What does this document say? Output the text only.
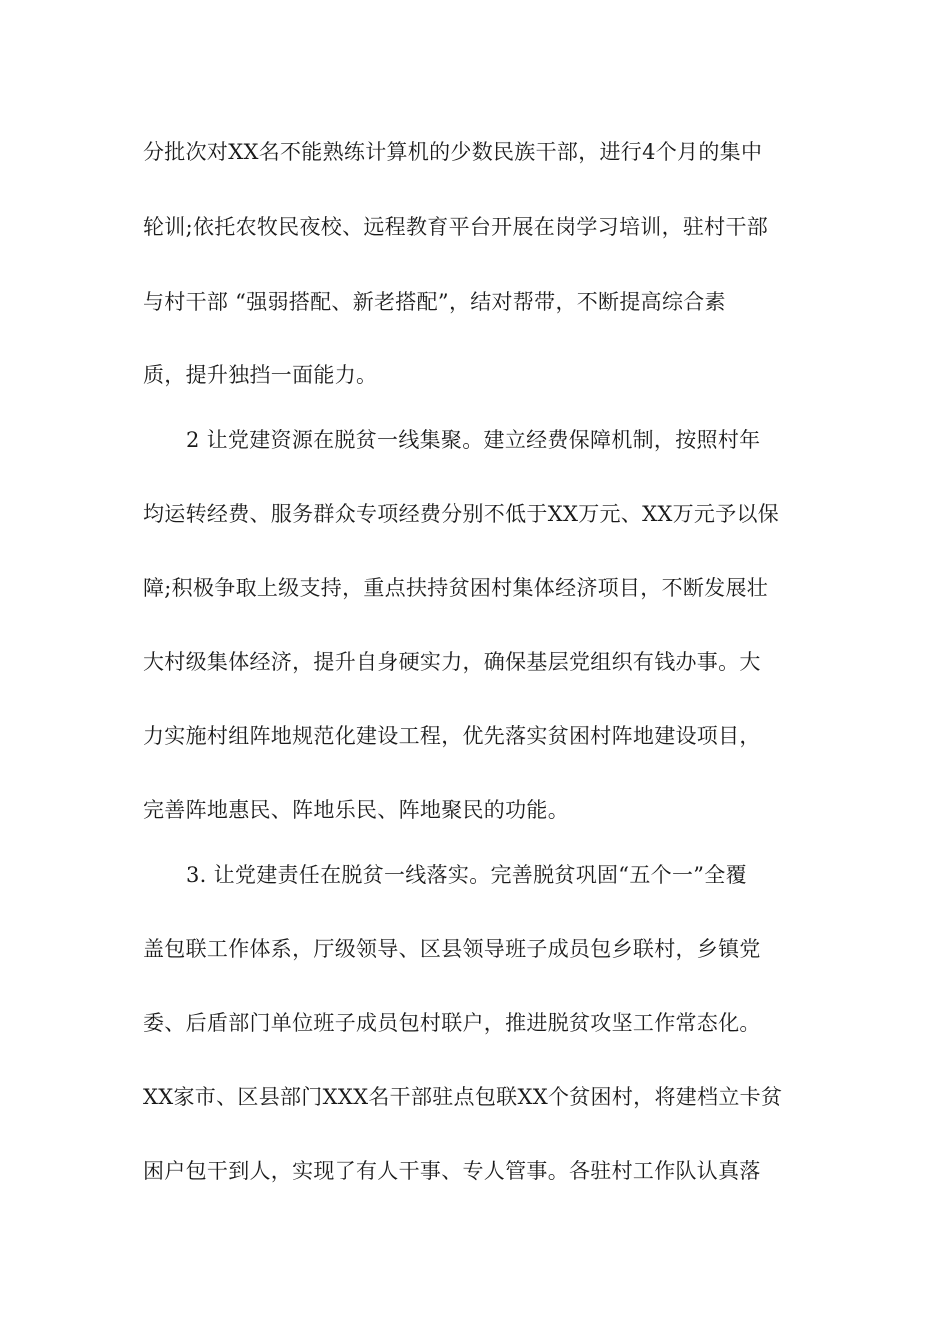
分批次对XX名不能熟练计算机的少数民族干部，进行4个月的集中
轮训;依托农牧民夜校、远程教育平台开展在岗学习培训，驻村干部
与村干部 “强弱搭配、新老搭配”，结对帮带，不断提高综合素
质，提升独挡一面能力。
2 让党建资源在脱贫一线集聚。建立经费保障机制，按照村年
均运转经费、服务群众专项经费分别不低于XX万元、XX万元予以保
障;积极争取上级支持，重点扶持贫困村集体经济项目，不断发展壮
大村级集体经济，提升自身硬实力，确保基层党组织有钱办事。大
力实施村组阵地规范化建设工程，优先落实贫困村阵地建设项目，
完善阵地惠民、阵地乐民、阵地聚民的功能。
3. 让党建责任在脱贫一线落实。完善脱贫巩固“五个一”全覆
盖包联工作体系，厅级领导、区县领导班子成员包乡联村，乡镇党
委、后盾部门单位班子成员包村联户，推进脱贫攻坚工作常态化。
XX家市、区县部门XXX名干部驻点包联XX个贫困村，将建档立卡贫
困户包干到人，实现了有人干事、专人管事。各驻村工作队认真落
